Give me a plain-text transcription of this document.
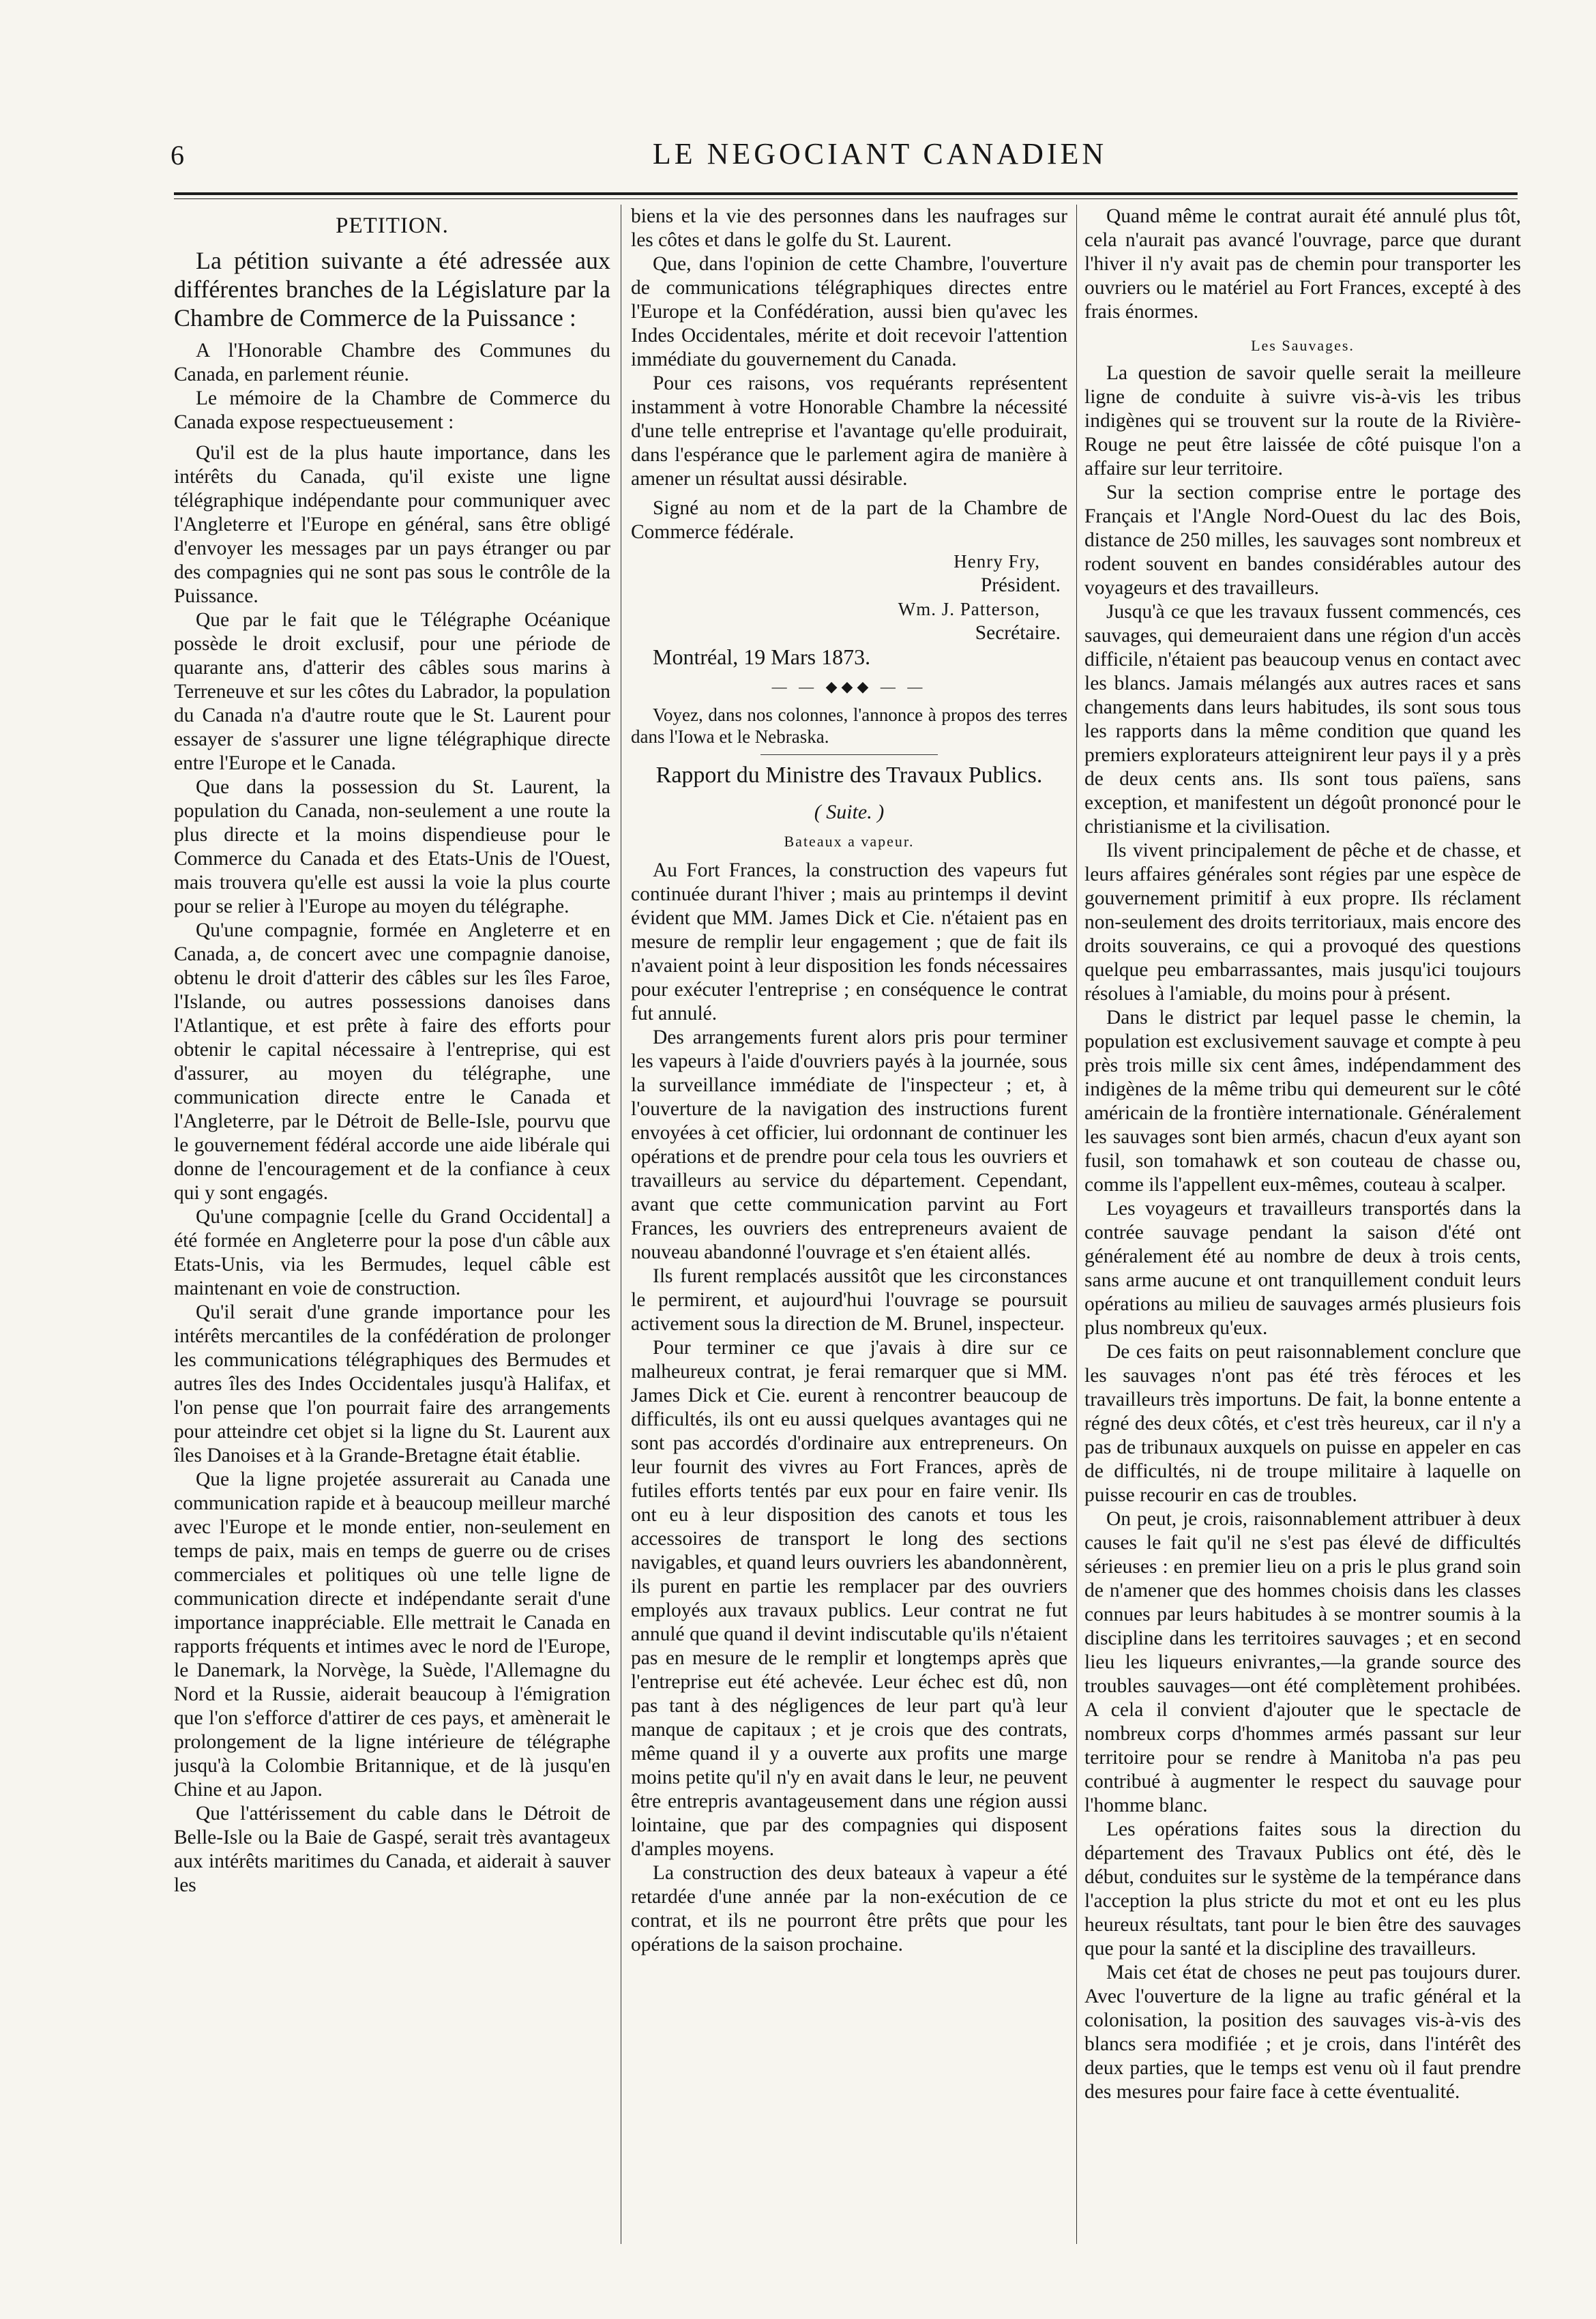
6	LE NEGOCIANT CANADIEN
PETITION.

La pétition suivante a été adressée aux différentes branches de la Législature par la Chambre de Commerce de la Puissance :

A l'Honorable Chambre des Communes du Canada, en parlement réunie.

Le mémoire de la Chambre de Commerce du Canada expose respectueusement :

Qu'il est de la plus haute importance, dans les intérêts du Canada, qu'il existe une ligne télégraphique indépendante pour communiquer avec l'Angleterre et l'Europe en général, sans être obligé d'envoyer les messages par un pays étranger ou par des compagnies qui ne sont pas sous le contrôle de la Puissance.

Que par le fait que le Télégraphe Océanique possède le droit exclusif, pour une période de quarante ans, d'atterir des câbles sous marins à Terreneuve et sur les côtes du Labrador, la population du Canada n'a d'autre route que le St. Laurent pour essayer de s'assurer une ligne télégraphique directe entre l'Europe et le Canada.

Que dans la possession du St. Laurent, la population du Canada, non-seulement a une route la plus directe et la moins dispendieuse pour le Commerce du Canada et des Etats-Unis de l'Ouest, mais trouvera qu'elle est aussi la voie la plus courte pour se relier à l'Europe au moyen du télégraphe.

Qu'une compagnie, formée en Angleterre et en Canada, a, de concert avec une compagnie danoise, obtenu le droit d'atterir des câbles sur les îles Faroe, l'Islande, ou autres possessions danoises dans l'Atlantique, et est prête à faire des efforts pour obtenir le capital nécessaire à l'entreprise, qui est d'assurer, au moyen du télégraphe, une communication directe entre le Canada et l'Angleterre, par le Détroit de Belle-Isle, pourvu que le gouvernement fédéral accorde une aide libérale qui donne de l'encouragement et de la confiance à ceux qui y sont engagés.

Qu'une compagnie [celle du Grand Occidental] a été formée en Angleterre pour la pose d'un câble aux Etats-Unis, via les Bermudes, lequel câble est maintenant en voie de construction.

Qu'il serait d'une grande importance pour les intérêts mercantiles de la confédération de prolonger les communications télégraphiques des Bermudes et autres îles des Indes Occidentales jusqu'à Halifax, et l'on pense que l'on pourrait faire des arrangements pour atteindre cet objet si la ligne du St. Laurent aux îles Danoises et à la Grande-Bretagne était établie.

Que la ligne projetée assurerait au Canada une communication rapide et à beaucoup meilleur marché avec l'Europe et le monde entier, non-seulement en temps de paix, mais en temps de guerre ou de crises commerciales et politiques où une telle ligne de communication directe et indépendante serait d'une importance inappréciable. Elle mettrait le Canada en rapports fréquents et intimes avec le nord de l'Europe, le Danemark, la Norvège, la Suède, l'Allemagne du Nord et la Russie, aiderait beaucoup à l'émigration que l'on s'efforce d'attirer de ces pays, et amènerait le prolongement de la ligne intérieure de télégraphe jusqu'à la Colombie Britannique, et de là jusqu'en Chine et au Japon.

Que l'attérissement du cable dans le Détroit de Belle-Isle ou la Baie de Gaspé, serait très avantageux aux intérêts maritimes du Canada, et aiderait à sauver les

biens et la vie des personnes dans les naufrages sur les côtes et dans le golfe du St. Laurent.

Que, dans l'opinion de cette Chambre, l'ouverture de communications télégraphiques directes entre l'Europe et la Confédération, aussi bien qu'avec les Indes Occidentales, mérite et doit recevoir l'attention immédiate du gouvernement du Canada.

Pour ces raisons, vos requérants représentent instamment à votre Honorable Chambre la nécessité d'une telle entreprise et l'avantage qu'elle produirait, dans l'espérance que le parlement agira de manière à amener un résultat aussi désirable.

Signé au nom et de la part de la Chambre de Commerce fédérale.

Henry Fry,

Président.

Wm. J. Patterson,

Secrétaire.

Montréal, 19 Mars 1873.

— — ◆◆◆ — —

Voyez, dans nos colonnes, l'annonce à propos des terres dans l'Iowa et le Nebraska.

Rapport du Ministre des Travaux Publics.
( Suite. )
Bateaux a vapeur.

Au Fort Frances, la construction des vapeurs fut continuée durant l'hiver ; mais au printemps il devint évident que MM. James Dick et Cie. n'étaient pas en mesure de remplir leur engagement ; que de fait ils n'avaient point à leur disposition les fonds nécessaires pour exécuter l'entreprise ; en conséquence le contrat fut annulé.

Des arrangements furent alors pris pour terminer les vapeurs à l'aide d'ouvriers payés à la journée, sous la surveillance immédiate de l'inspecteur ; et, à l'ouverture de la navigation des instructions furent envoyées à cet officier, lui ordonnant de continuer les opérations et de prendre pour cela tous les ouvriers et travailleurs au service du département. Cependant, avant que cette communication parvint au Fort Frances, les ouvriers des entrepreneurs avaient de nouveau abandonné l'ouvrage et s'en étaient allés.

Ils furent remplacés aussitôt que les circonstances le permirent, et aujourd'hui l'ouvrage se poursuit activement sous la direction de M. Brunel, inspecteur.

Pour terminer ce que j'avais à dire sur ce malheureux contrat, je ferai remarquer que si MM. James Dick et Cie. eurent à rencontrer beaucoup de difficultés, ils ont eu aussi quelques avantages qui ne sont pas accordés d'ordinaire aux entrepreneurs. On leur fournit des vivres au Fort Frances, après de futiles efforts tentés par eux pour en faire venir. Ils ont eu à leur disposition des canots et tous les accessoires de transport le long des sections navigables, et quand leurs ouvriers les abandonnèrent, ils purent en partie les remplacer par des ouvriers employés aux travaux publics. Leur contrat ne fut annulé que quand il devint indiscutable qu'ils n'étaient pas en mesure de le remplir et longtemps après que l'entreprise eut été achevée. Leur échec est dû, non pas tant à des négligences de leur part qu'à leur manque de capitaux ; et je crois que des contrats, même quand il y a ouverte aux profits une marge moins petite qu'il n'y en avait dans le leur, ne peuvent être entrepris avantageusement dans une région aussi lointaine, que par des compagnies qui disposent d'amples moyens.

La construction des deux bateaux à vapeur a été retardée d'une année par la non-exécution de ce contrat, et ils ne pourront être prêts que pour les opérations de la saison prochaine.

Quand même le contrat aurait été annulé plus tôt, cela n'aurait pas avancé l'ouvrage, parce que durant l'hiver il n'y avait pas de chemin pour transporter les ouvriers ou le matériel au Fort Frances, excepté à des frais énormes.

Les Sauvages.

La question de savoir quelle serait la meilleure ligne de conduite à suivre vis-à-vis les tribus indigènes qui se trouvent sur la route de la Rivière-Rouge ne peut être laissée de côté puisque l'on a affaire sur leur territoire.

Sur la section comprise entre le portage des Français et l'Angle Nord-Ouest du lac des Bois, distance de 250 milles, les sauvages sont nombreux et rodent souvent en bandes considérables autour des voyageurs et des travailleurs.

Jusqu'à ce que les travaux fussent commencés, ces sauvages, qui demeuraient dans une région d'un accès difficile, n'étaient pas beaucoup venus en contact avec les blancs. Jamais mélangés aux autres races et sans changements dans leurs habitudes, ils sont sous tous les rapports dans la même condition que quand les premiers explorateurs atteignirent leur pays il y a près de deux cents ans. Ils sont tous païens, sans exception, et manifestent un dégoût prononcé pour le christianisme et la civilisation.

Ils vivent principalement de pêche et de chasse, et leurs affaires générales sont régies par une espèce de gouvernement primitif à eux propre. Ils réclament non-seulement des droits territoriaux, mais encore des droits souverains, ce qui a provoqué des questions quelque peu embarrassantes, mais jusqu'ici toujours résolues à l'amiable, du moins pour à présent.

Dans le district par lequel passe le chemin, la population est exclusivement sauvage et compte à peu près trois mille six cent âmes, indépendamment des indigènes de la même tribu qui demeurent sur le côté américain de la frontière internationale. Généralement les sauvages sont bien armés, chacun d'eux ayant son fusil, son tomahawk et son couteau de chasse ou, comme ils l'appellent eux-mêmes, couteau à scalper.

Les voyageurs et travailleurs transportés dans la contrée sauvage pendant la saison d'été ont généralement été au nombre de deux à trois cents, sans arme aucune et ont tranquillement conduit leurs opérations au milieu de sauvages armés plusieurs fois plus nombreux qu'eux.

De ces faits on peut raisonnablement conclure que les sauvages n'ont pas été très féroces et les travailleurs très importuns. De fait, la bonne entente a régné des deux côtés, et c'est très heureux, car il n'y a pas de tribunaux auxquels on puisse en appeler en cas de difficultés, ni de troupe militaire à laquelle on puisse recourir en cas de troubles.

On peut, je crois, raisonnablement attribuer à deux causes le fait qu'il ne s'est pas élevé de difficultés sérieuses : en premier lieu on a pris le plus grand soin de n'amener que des hommes choisis dans les classes connues par leurs habitudes à se montrer soumis à la discipline dans les territoires sauvages ; et en second lieu les liqueurs enivrantes,—la grande source des troubles sauvages—ont été complètement prohibées. A cela il convient d'ajouter que le spectacle de nombreux corps d'hommes armés passant sur leur territoire pour se rendre à Manitoba n'a pas peu contribué à augmenter le respect du sauvage pour l'homme blanc.

Les opérations faites sous la direction du département des Travaux Publics ont été, dès le début, conduites sur le système de la tempérance dans l'acception la plus stricte du mot et ont eu les plus heureux résultats, tant pour le bien être des sauvages que pour la santé et la discipline des travailleurs.

Mais cet état de choses ne peut pas toujours durer. Avec l'ouverture de la ligne au trafic général et la colonisation, la position des sauvages vis-à-vis des blancs sera modifiée ; et je crois, dans l'intérêt des deux parties, que le temps est venu où il faut prendre des mesures pour faire face à cette éventualité.
